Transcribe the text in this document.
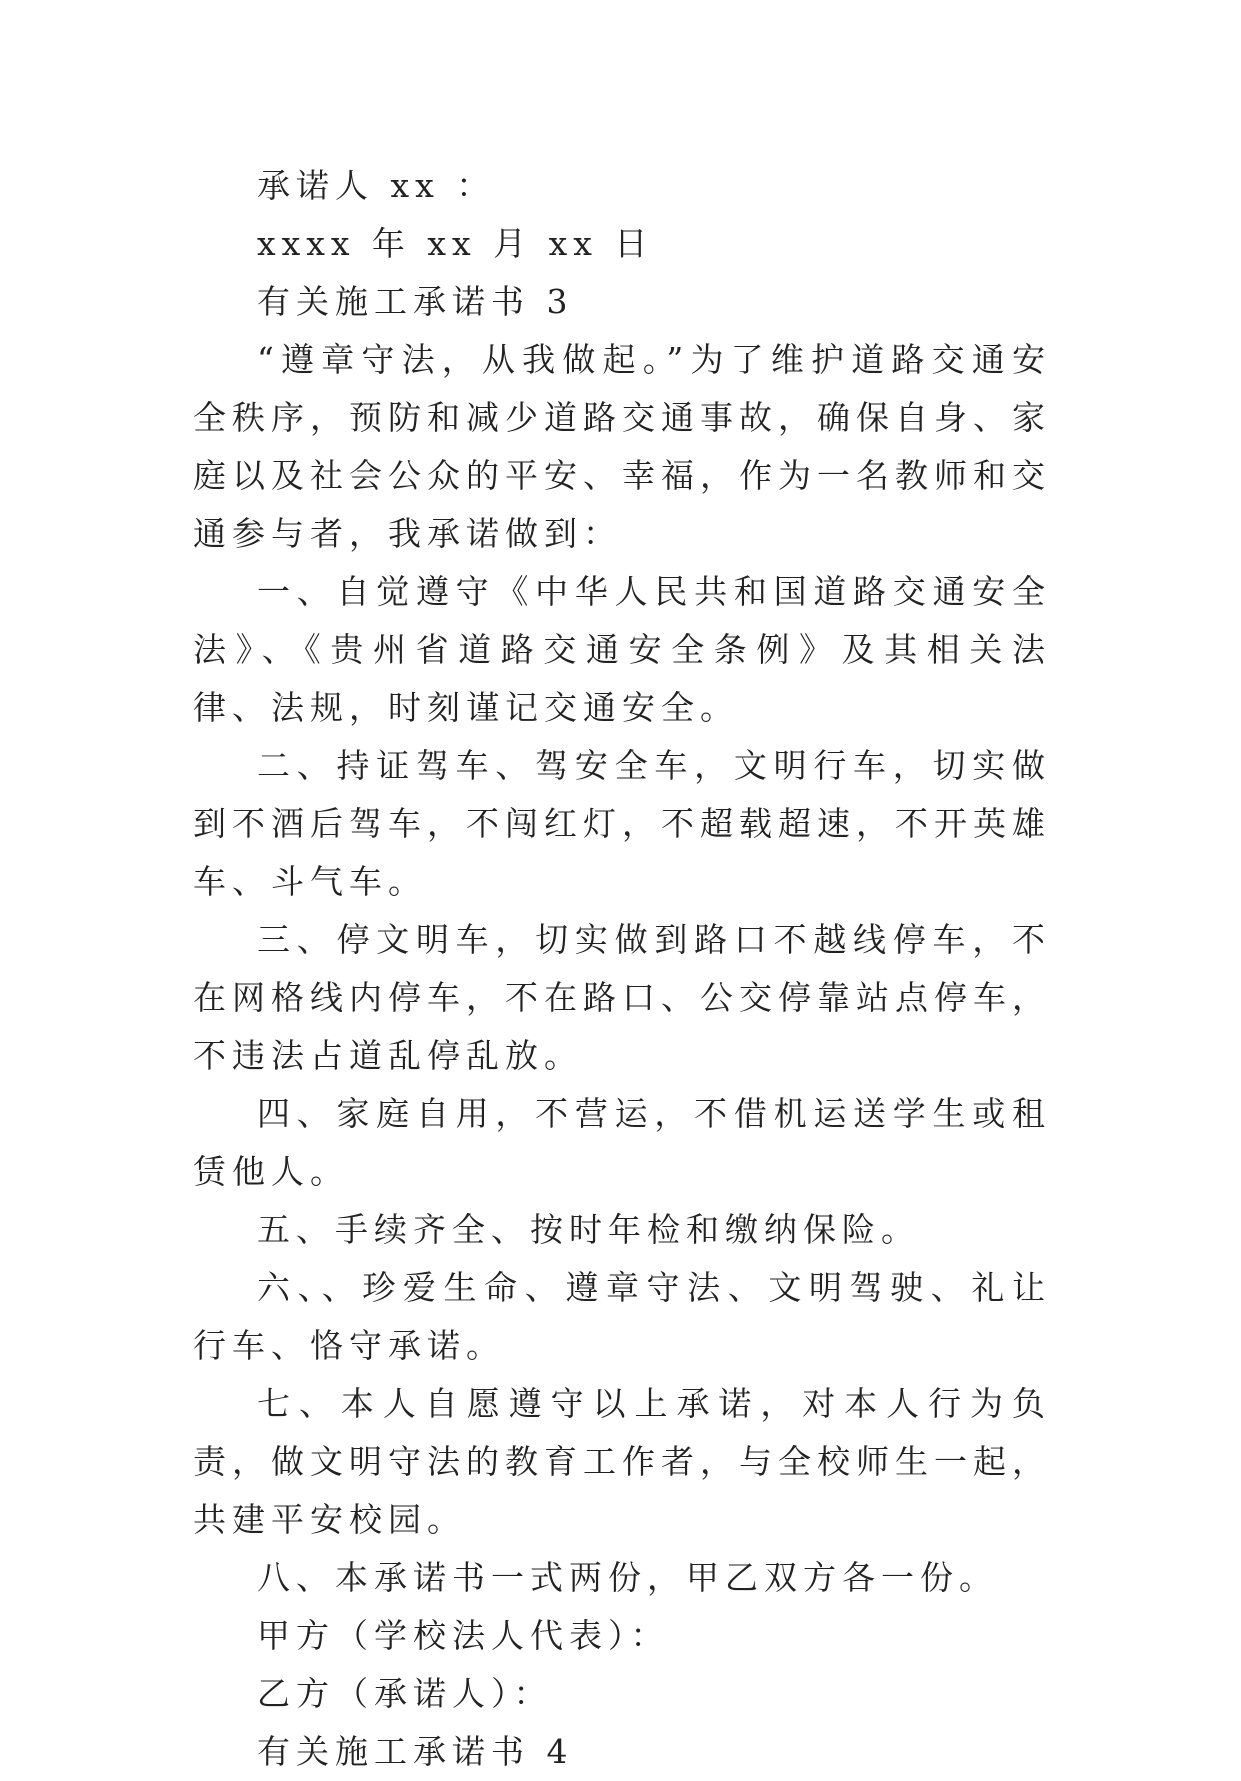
承诺人 xx ：

xxxx 年 xx 月 xx 日

有关施工承诺书 3

“遵章守法，从我做起。”为了维护道路交通安全秩序，预防和减少道路交通事故，确保自身、家庭以及社会公众的平安、幸福，作为一名教师和交通参与者，我承诺做到：

一、自觉遵守《中华人民共和国道路交通安全法》、《贵州省道路交通安全条例》及其相关法律、法规，时刻谨记交通安全。

二、持证驾车、驾安全车，文明行车，切实做到不酒后驾车，不闯红灯，不超载超速，不开英雄车、斗气车。

三、停文明车，切实做到路口不越线停车，不在网格线内停车，不在路口、公交停靠站点停车，不违法占道乱停乱放。

四、家庭自用，不营运，不借机运送学生或租赁他人。

五、手续齐全、按时年检和缴纳保险。

六、、珍爱生命、遵章守法、文明驾驶、礼让行车、恪守承诺。

七、本人自愿遵守以上承诺，对本人行为负责，做文明守法的教育工作者，与全校师生一起，共建平安校园。

八、本承诺书一式两份，甲乙双方各一份。

甲方（学校法人代表）：

乙方（承诺人）：

有关施工承诺书 4
